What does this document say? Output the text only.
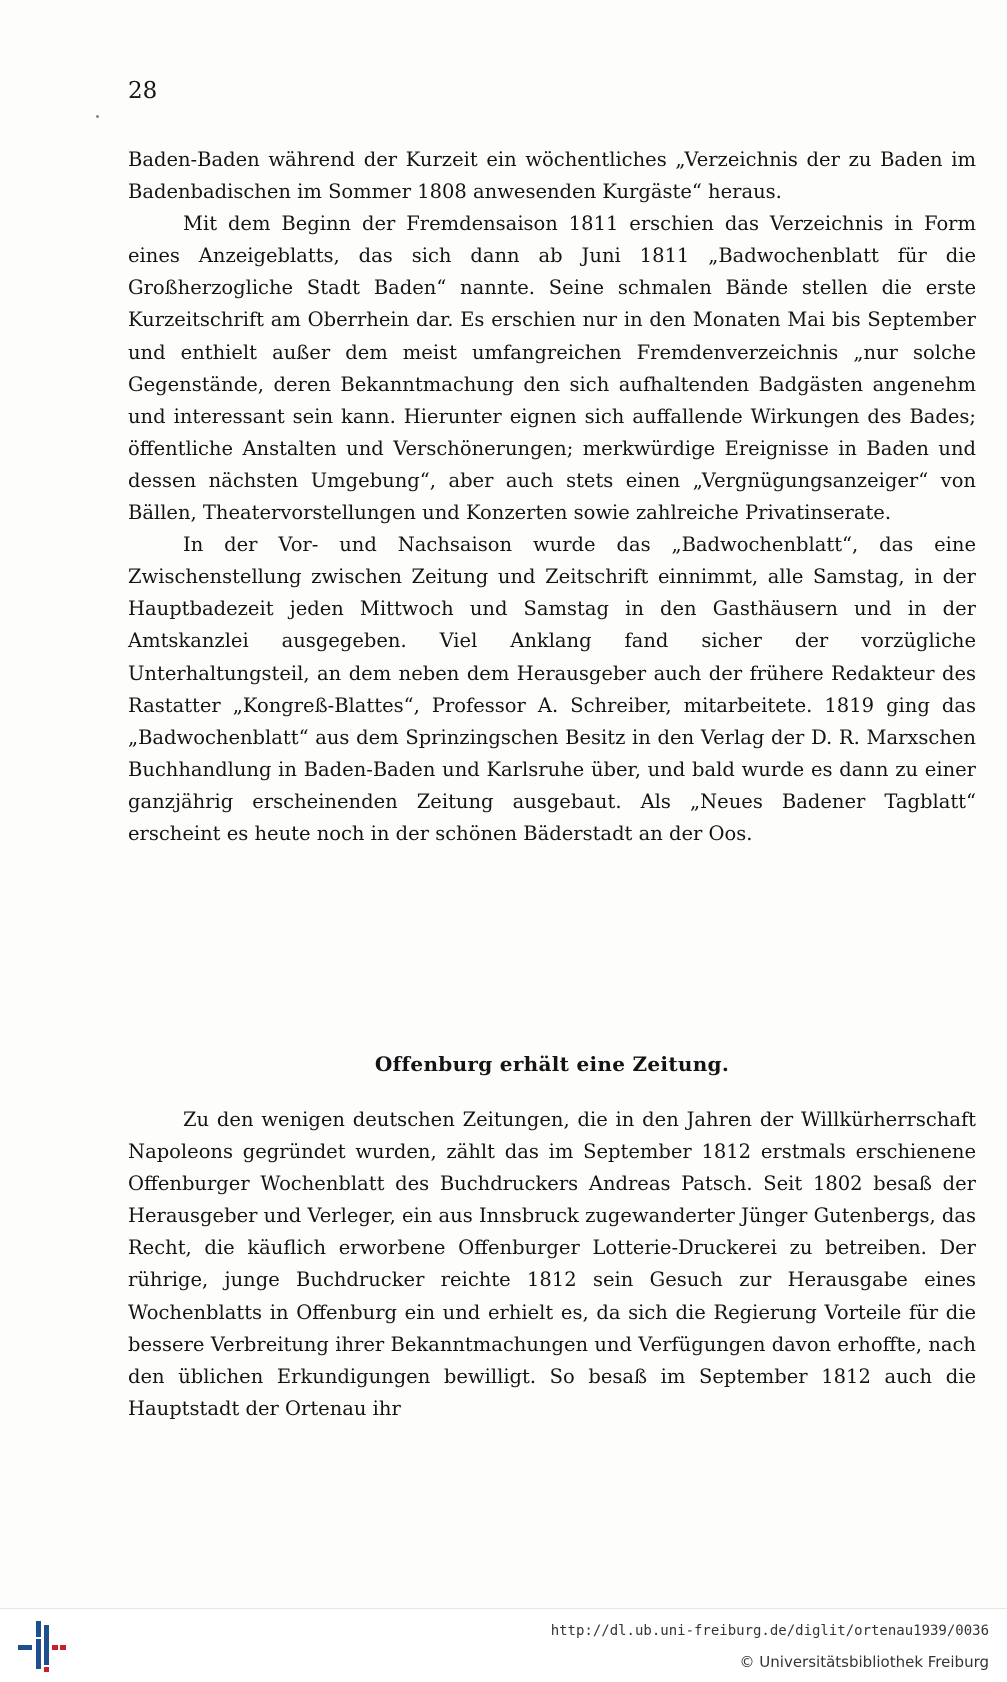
28

Baden-Baden während der Kurzeit ein wöchentliches „Verzeichnis der zu Baden im Badenbadischen im Sommer 1808 anwesenden Kurgäste“ heraus.

Mit dem Beginn der Fremdensaison 1811 erschien das Verzeichnis in Form eines Anzeigeblatts, das sich dann ab Juni 1811 „Badwochenblatt für die Großherzogliche Stadt Baden“ nannte. Seine schmalen Bände stellen die erste Kurzeitschrift am Oberrhein dar. Es erschien nur in den Monaten Mai bis September und enthielt außer dem meist umfangreichen Fremdenverzeichnis „nur solche Gegenstände, deren Bekanntmachung den sich aufhaltenden Badgästen angenehm und interessant sein kann. Hierunter eignen sich auffallende Wirkungen des Bades; öffentliche Anstalten und Verschönerungen; merkwürdige Ereignisse in Baden und dessen nächsten Umgebung“, aber auch stets einen „Vergnügungsanzeiger“ von Bällen, Theatervorstellungen und Konzerten sowie zahlreiche Privatinserate.

In der Vor- und Nachsaison wurde das „Badwochenblatt“, das eine Zwischenstellung zwischen Zeitung und Zeitschrift einnimmt, alle Samstag, in der Hauptbadezeit jeden Mittwoch und Samstag in den Gasthäusern und in der Amtskanzlei ausgegeben. Viel Anklang fand sicher der vorzügliche Unterhaltungsteil, an dem neben dem Herausgeber auch der frühere Redakteur des Rastatter „Kongreß-Blattes“, Professor A. Schreiber, mitarbeitete. 1819 ging das „Badwochenblatt“ aus dem Sprinzingschen Besitz in den Verlag der D. R. Marxschen Buchhandlung in Baden-Baden und Karlsruhe über, und bald wurde es dann zu einer ganzjährig erscheinenden Zeitung ausgebaut. Als „Neues Badener Tagblatt“ erscheint es heute noch in der schönen Bäderstadt an der Oos.

Offenburg erhält eine Zeitung.

Zu den wenigen deutschen Zeitungen, die in den Jahren der Willkürherrschaft Napoleons gegründet wurden, zählt das im September 1812 erstmals erschienene Offenburger Wochenblatt des Buchdruckers Andreas Patsch. Seit 1802 besaß der Herausgeber und Verleger, ein aus Innsbruck zugewanderter Jünger Gutenbergs, das Recht, die käuflich erworbene Offenburger Lotterie-Druckerei zu betreiben. Der rührige, junge Buchdrucker reichte 1812 sein Gesuch zur Herausgabe eines Wochenblatts in Offenburg ein und erhielt es, da sich die Regierung Vorteile für die bessere Verbreitung ihrer Bekanntmachungen und Verfügungen davon erhoffte, nach den üblichen Erkundigungen bewilligt. So besaß im September 1812 auch die Hauptstadt der Ortenau ihr

http://dl.ub.uni-freiburg.de/diglit/ortenau1939/0036
© Universitätsbibliothek Freiburg
